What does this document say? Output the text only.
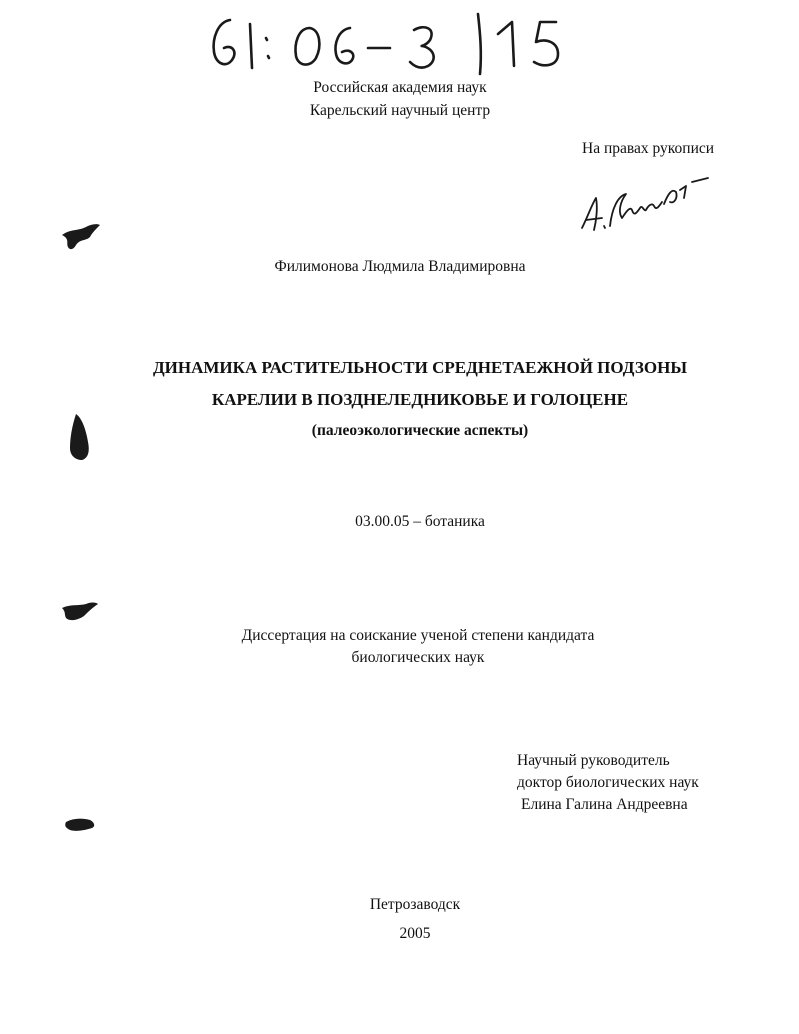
Российская академия наук
Карельский научный центр
На правах рукописи
Филимонова Людмила Владимировна
ДИНАМИКА РАСТИТЕЛЬНОСТИ СРЕДНЕТАЕЖНОЙ ПОДЗОНЫ
КАРЕЛИИ В ПОЗДНЕЛЕДНИКОВЬЕ И ГОЛОЦЕНЕ
(палеоэкологические аспекты)
03.00.05 – ботаника
Диссертация на соискание ученой степени кандидата
биологических наук
Научный руководитель
доктор биологических наук
Елина Галина Андреевна
Петрозаводск
2005
